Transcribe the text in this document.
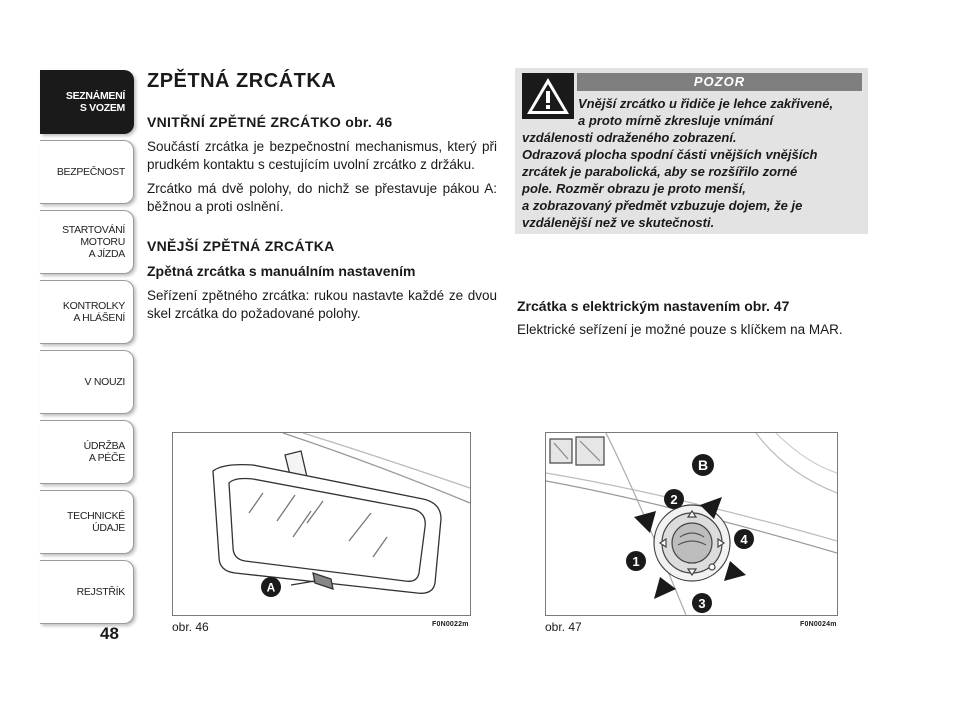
SEZNÁMENÍ
S VOZEM
BEZPEČNOST
STARTOVÁNÍ
MOTORU
A JÍZDA
KONTROLKY
A HLÁŠENÍ
V NOUZI
ÚDRŽBA
A PÉČE
TECHNICKÉ
ÚDAJE
REJSTŘÍK
48
ZPĚTNÁ ZRCÁTKA
VNITŘNÍ ZPĚTNÉ ZRCÁTKO obr. 46
Součástí zrcátka je bezpečnostní mechanismus, který při prudkém kontaktu s cestujícím uvolní zrcátko z držáku.
Zrcátko má dvě polohy, do nichž se přestavuje pákou A: běžnou a proti oslnění.
VNĚJŠÍ ZPĚTNÁ ZRCÁTKA
Zpětná zrcátka s manuálním nastavením
Seřízení zpětného zrcátka: rukou nastavte každé ze dvou skel zrcátka do požadované polohy.
POZOR
Vnější zrcátko u řidiče je lehce zakřivené,
a proto mírně zkresluje vnímání
vzdálenosti odraženého zobrazení.
Odrazová plocha spodní části vnějších vnějších
zrcátek je parabolická, aby se rozšířilo zorné
pole. Rozměr obrazu je proto menší,
a zobrazovaný předmět vzbuzuje dojem, že je
vzdálenější než ve skutečnosti.
Zrcátka s elektrickým nastavením obr. 47
Elektrické seřízení je možné pouze s klíčkem na MAR.
A
obr. 46	F0N0022m
B
2
4
1
3
obr. 47	F0N0024m
